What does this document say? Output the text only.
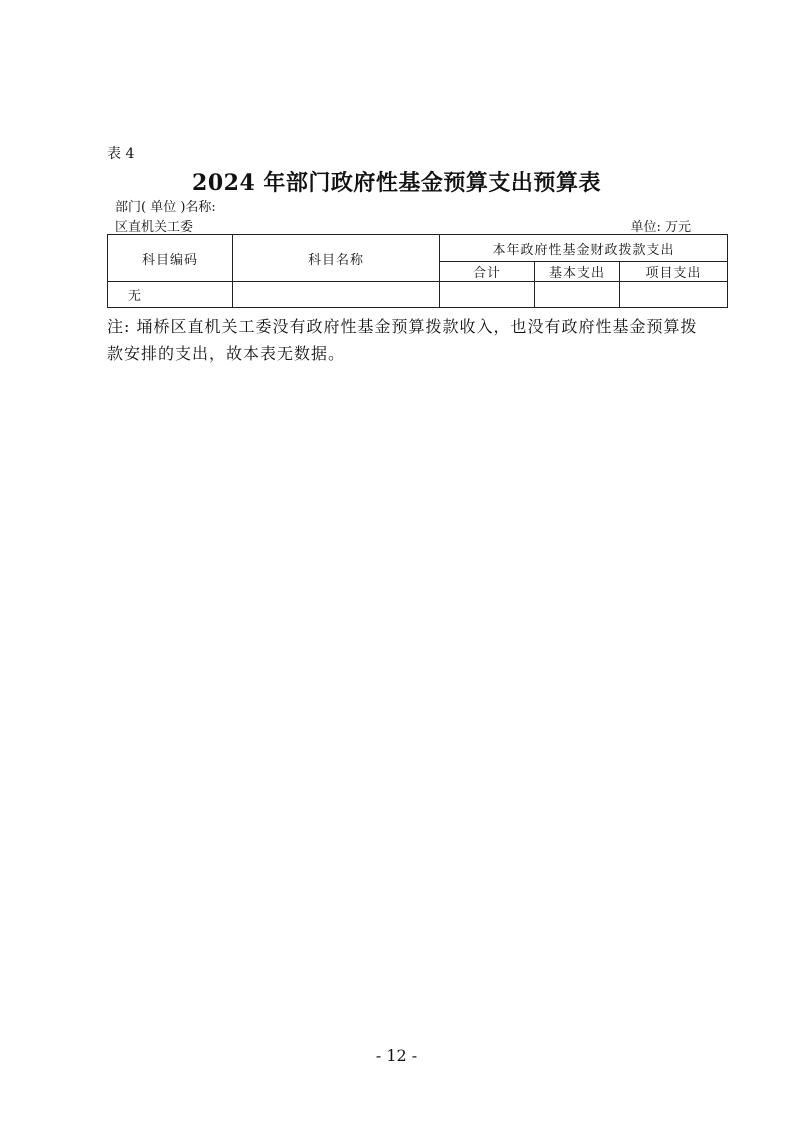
表 4
2024 年部门政府性基金预算支出预算表
部门( 单位 )名称:
区直机关工委	单位: 万元
科目编码	科目名称	本年政府性基金财政拨款支出		
		合计	基本支出	项目支出
无				
注: 埇桥区直机关工委没有政府性基金预算拨款收入，也没有政府性基金预算拨款安排的支出，故本表无数据。
- 12 -
